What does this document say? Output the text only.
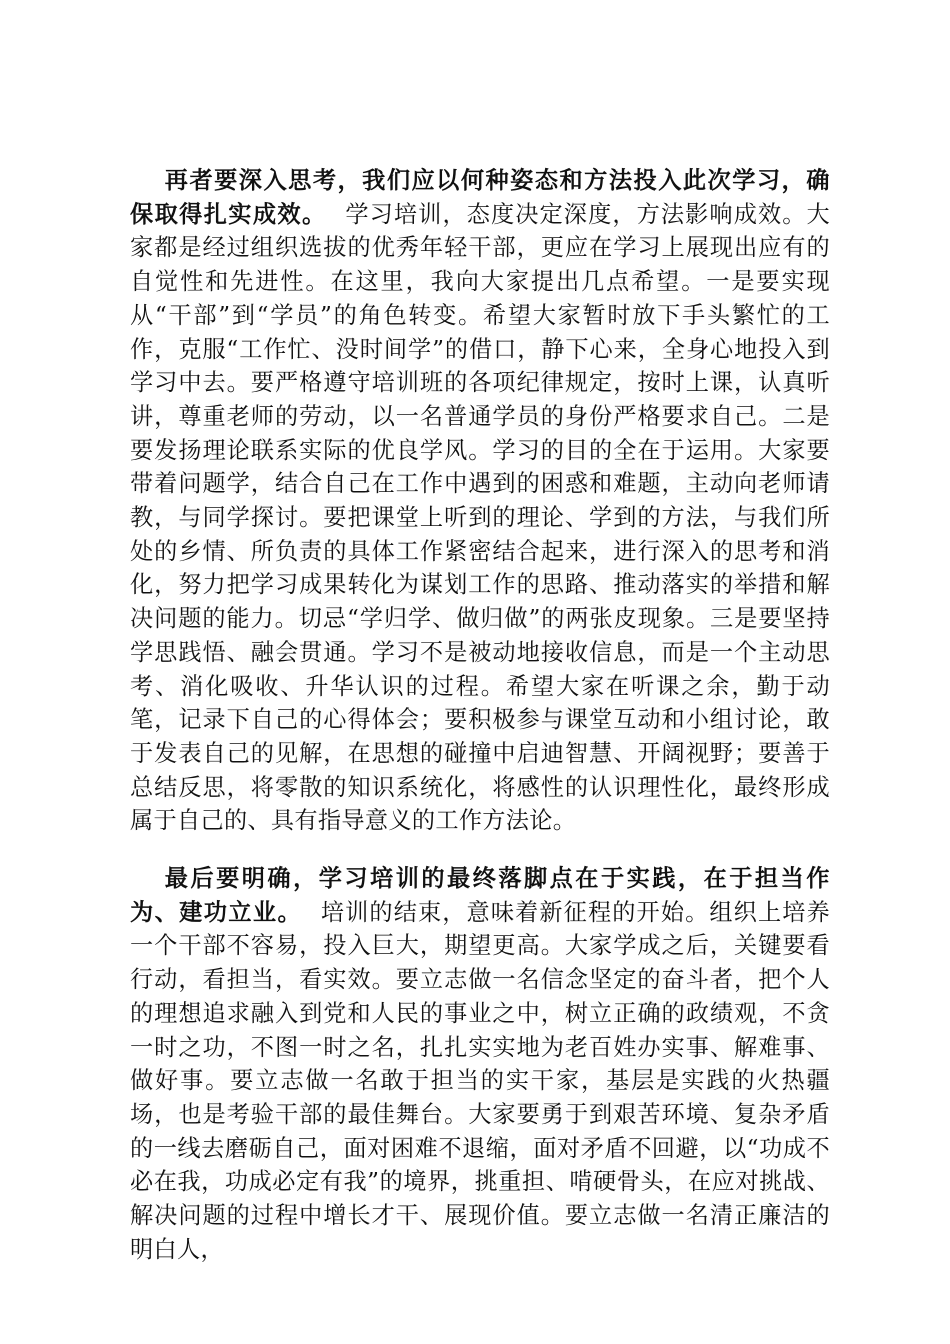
再者要深入思考，我们应以何种姿态和方法投入此次学习，确保取得扎实成效。 学习培训，态度决定深度，方法影响成效。大家都是经过组织选拔的优秀年轻干部，更应在学习上展现出应有的自觉性和先进性。在这里，我向大家提出几点希望。一是要实现从“干部”到“学员”的角色转变。希望大家暂时放下手头繁忙的工作，克服“工作忙、没时间学”的借口，静下心来，全身心地投入到学习中去。要严格遵守培训班的各项纪律规定，按时上课，认真听讲，尊重老师的劳动，以一名普通学员的身份严格要求自己。二是要发扬理论联系实际的优良学风。学习的目的全在于运用。大家要带着问题学，结合自己在工作中遇到的困惑和难题，主动向老师请教，与同学探讨。要把课堂上听到的理论、学到的方法，与我们所处的乡情、所负责的具体工作紧密结合起来，进行深入的思考和消化，努力把学习成果转化为谋划工作的思路、推动落实的举措和解决问题的能力。切忌“学归学、做归做”的两张皮现象。三是要坚持学思践悟、融会贯通。学习不是被动地接收信息，而是一个主动思考、消化吸收、升华认识的过程。希望大家在听课之余，勤于动笔，记录下自己的心得体会；要积极参与课堂互动和小组讨论，敢于发表自己的见解，在思想的碰撞中启迪智慧、开阔视野；要善于总结反思，将零散的知识系统化，将感性的认识理性化，最终形成属于自己的、具有指导意义的工作方法论。

最后要明确，学习培训的最终落脚点在于实践，在于担当作为、建功立业。 培训的结束，意味着新征程的开始。组织上培养一个干部不容易，投入巨大，期望更高。大家学成之后，关键要看行动，看担当，看实效。要立志做一名信念坚定的奋斗者，把个人的理想追求融入到党和人民的事业之中，树立正确的政绩观，不贪一时之功，不图一时之名，扎扎实实地为老百姓办实事、解难事、做好事。要立志做一名敢于担当的实干家，基层是实践的火热疆场，也是考验干部的最佳舞台。大家要勇于到艰苦环境、复杂矛盾的一线去磨砺自己，面对困难不退缩，面对矛盾不回避，以“功成不必在我，功成必定有我”的境界，挑重担、啃硬骨头，在应对挑战、解决问题的过程中增长才干、展现价值。要立志做一名清正廉洁的明白人，
